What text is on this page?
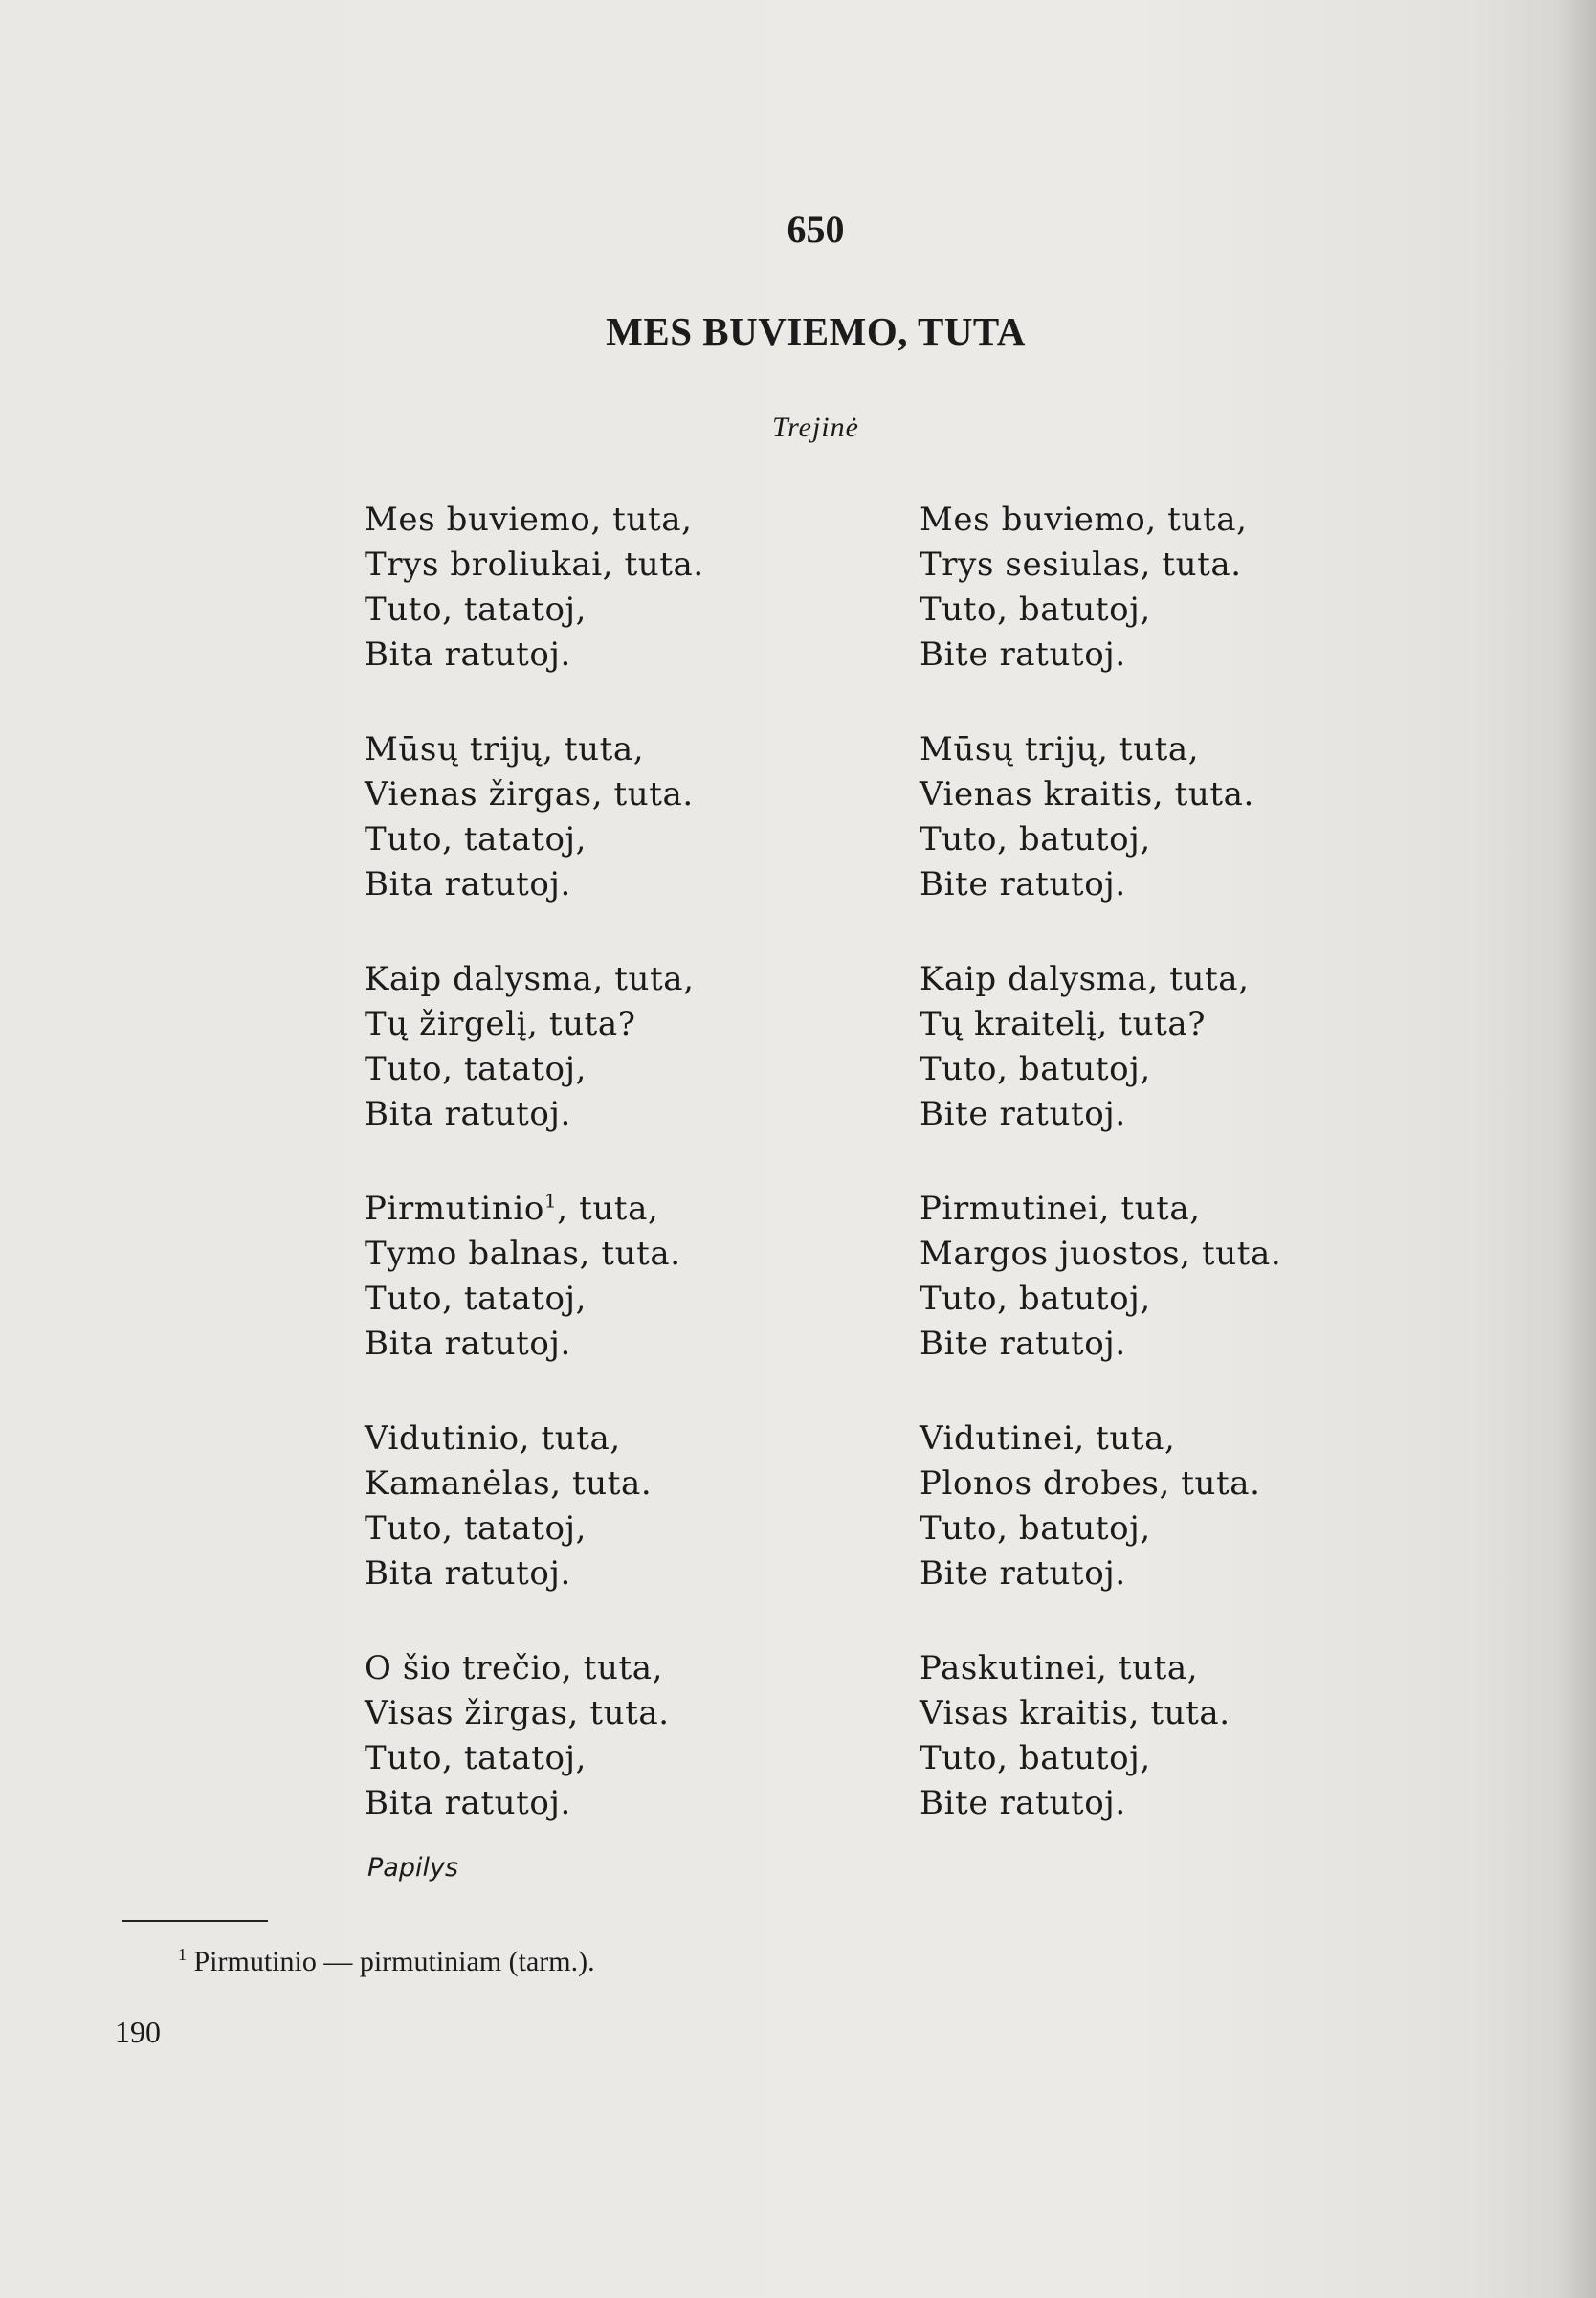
650
MES BUVIEMO, TUTA
Trejinė
Mes buviemo, tuta,
Trys broliukai, tuta.
Tuto, tatatoj,
Bita ratutoj.
Mūsų trijų, tuta,
Vienas žirgas, tuta.
Tuto, tatatoj,
Bita ratutoj.
Kaip dalysma, tuta,
Tų žirgelį, tuta?
Tuto, tatatoj,
Bita ratutoj.
Pirmutinio$^1$, tuta,
Tymo balnas, tuta.
Tuto, tatatoj,
Bita ratutoj.
Vidutinio, tuta,
Kamanėlas, tuta.
Tuto, tatatoj,
Bita ratutoj.
O šio trečio, tuta,
Visas žirgas, tuta.
Tuto, tatatoj,
Bita ratutoj.
Mes buviemo, tuta,
Trys sesiulas, tuta.
Tuto, batutoj,
Bite ratutoj.
Mūsų trijų, tuta,
Vienas kraitis, tuta.
Tuto, batutoj,
Bite ratutoj.
Kaip dalysma, tuta,
Tų kraitelį, tuta?
Tuto, batutoj,
Bite ratutoj.
Pirmutinei, tuta,
Margos juostos, tuta.
Tuto, batutoj,
Bite ratutoj.
Vidutinei, tuta,
Plonos drobes, tuta.
Tuto, batutoj,
Bite ratutoj.
Paskutinei, tuta,
Visas kraitis, tuta.
Tuto, batutoj,
Bite ratutoj.
Papilys
$^1$ Pirmutinio — pirmutiniam (tarm.).
190
